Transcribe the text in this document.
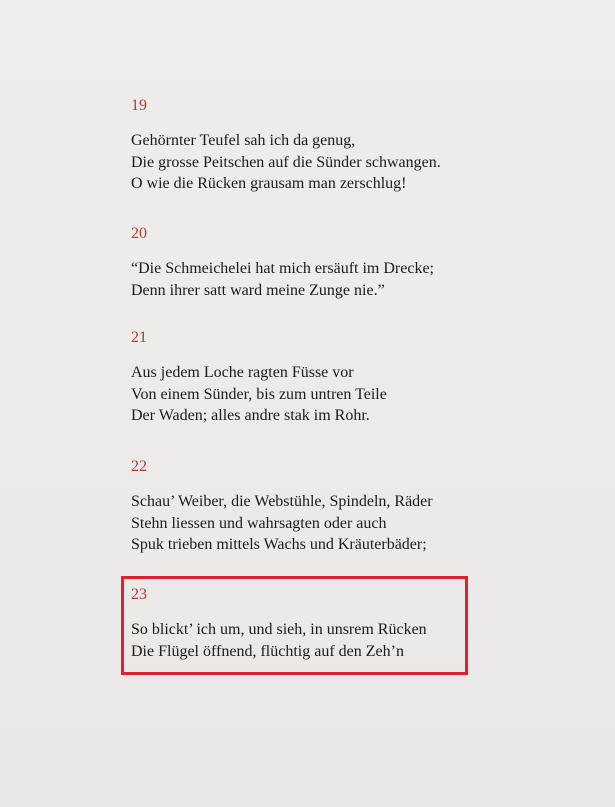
19
Gehörnter Teufel sah ich da genug,
Die grosse Peitschen auf die Sünder schwangen.
O wie die Rücken grausam man zerschlug!
20
“Die Schmeichelei hat mich ersäuft im Drecke;
Denn ihrer satt ward meine Zunge nie.”
21
Aus jedem Loche ragten Füsse vor
Von einem Sünder, bis zum untren Teile
Der Waden; alles andre stak im Rohr.
22
Schau’ Weiber, die Webstühle, Spindeln, Räder
Stehn liessen und wahrsagten oder auch
Spuk trieben mittels Wachs und Kräuterbäder;
23
So blickt’ ich um, und sieh, in unsrem Rücken
Die Flügel öffnend, flüchtig auf den Zeh’n
